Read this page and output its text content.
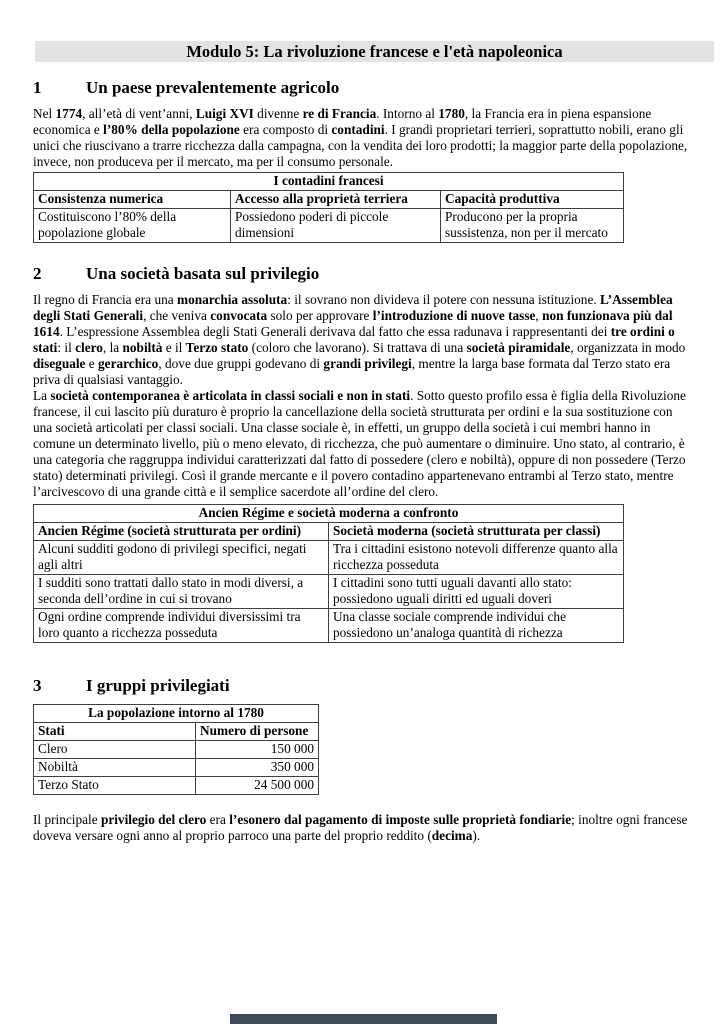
Modulo 5: La rivoluzione francese e l'età napoleonica
1	Un paese prevalentemente agricolo
Nel 1774, all’età di vent’anni, Luigi XVI divenne re di Francia. Intorno al 1780, la Francia era in piena espansione economica e l’80% della popolazione era composto di contadini. I grandi proprietari terrieri, soprattutto nobili, erano gli unici che riuscivano a trarre ricchezza dalla campagna, con la vendita dei loro prodotti; la maggior parte della popolazione, invece, non produceva per il mercato, ma per il consumo personale.
I contadini francesi		
Consistenza numerica	Accesso alla proprietà terriera	Capacità produttiva
Costituiscono l’80% della popolazione globale	Possiedono poderi di piccole dimensioni	Producono per la propria sussistenza, non per il mercato
2	Una società basata sul privilegio
Il regno di Francia era una monarchia assoluta: il sovrano non divideva il potere con nessuna istituzione. L’Assemblea degli Stati Generali, che veniva convocata solo per approvare l’introduzione di nuove tasse, non funzionava più dal 1614. L’espressione Assemblea degli Stati Generali derivava dal fatto che essa radunava i rappresentanti dei tre ordini o stati: il clero, la nobiltà e il Terzo stato (coloro che lavorano). Si trattava di una società piramidale, organizzata in modo diseguale e gerarchico, dove due gruppi godevano di grandi privilegi, mentre la larga base formata dal Terzo stato era priva di qualsiasi vantaggio.
La società contemporanea è articolata in classi sociali e non in stati. Sotto questo profilo essa è figlia della Rivoluzione francese, il cui lascito più duraturo è proprio la cancellazione della società strutturata per ordini e la sua sostituzione con una società articolati per classi sociali. Una classe sociale è, in effetti, un gruppo della società i cui membri hanno in comune un determinato livello, più o meno elevato, di ricchezza, che può aumentare o diminuire. Uno stato, al contrario, è una categoria che raggruppa individui caratterizzati dal fatto di possedere (clero e nobiltà), oppure di non possedere (Terzo stato) determinati privilegi. Così il grande mercante e il povero contadino appartenevano entrambi al Terzo stato, mentre l’arcivescovo di una grande città e il semplice sacerdote all’ordine del clero.
Ancien Régime e società moderna a confronto	
Ancien Régime (società strutturata per ordini)	Società moderna (società strutturata per classi)
Alcuni sudditi godono di privilegi specifici, negati agli altri	Tra i cittadini esistono notevoli differenze quanto alla ricchezza posseduta
I sudditi sono trattati dallo stato in modi diversi, a seconda dell’ordine in cui si trovano	I cittadini sono tutti uguali davanti allo stato: possiedono uguali diritti ed uguali doveri
Ogni ordine comprende individui diversissimi tra loro quanto a ricchezza posseduta	Una classe sociale comprende individui che possiedono un’analoga quantità di richezza
3	I gruppi privilegiati
La popolazione intorno al 1780	
Stati	Numero di persone
Clero	150 000
Nobiltà	350 000
Terzo Stato	24 500 000
Il principale privilegio del clero era l’esonero dal pagamento di imposte sulle proprietà fondiarie; inoltre ogni francese doveva versare ogni anno al proprio parroco una parte del proprio reddito (decima).
